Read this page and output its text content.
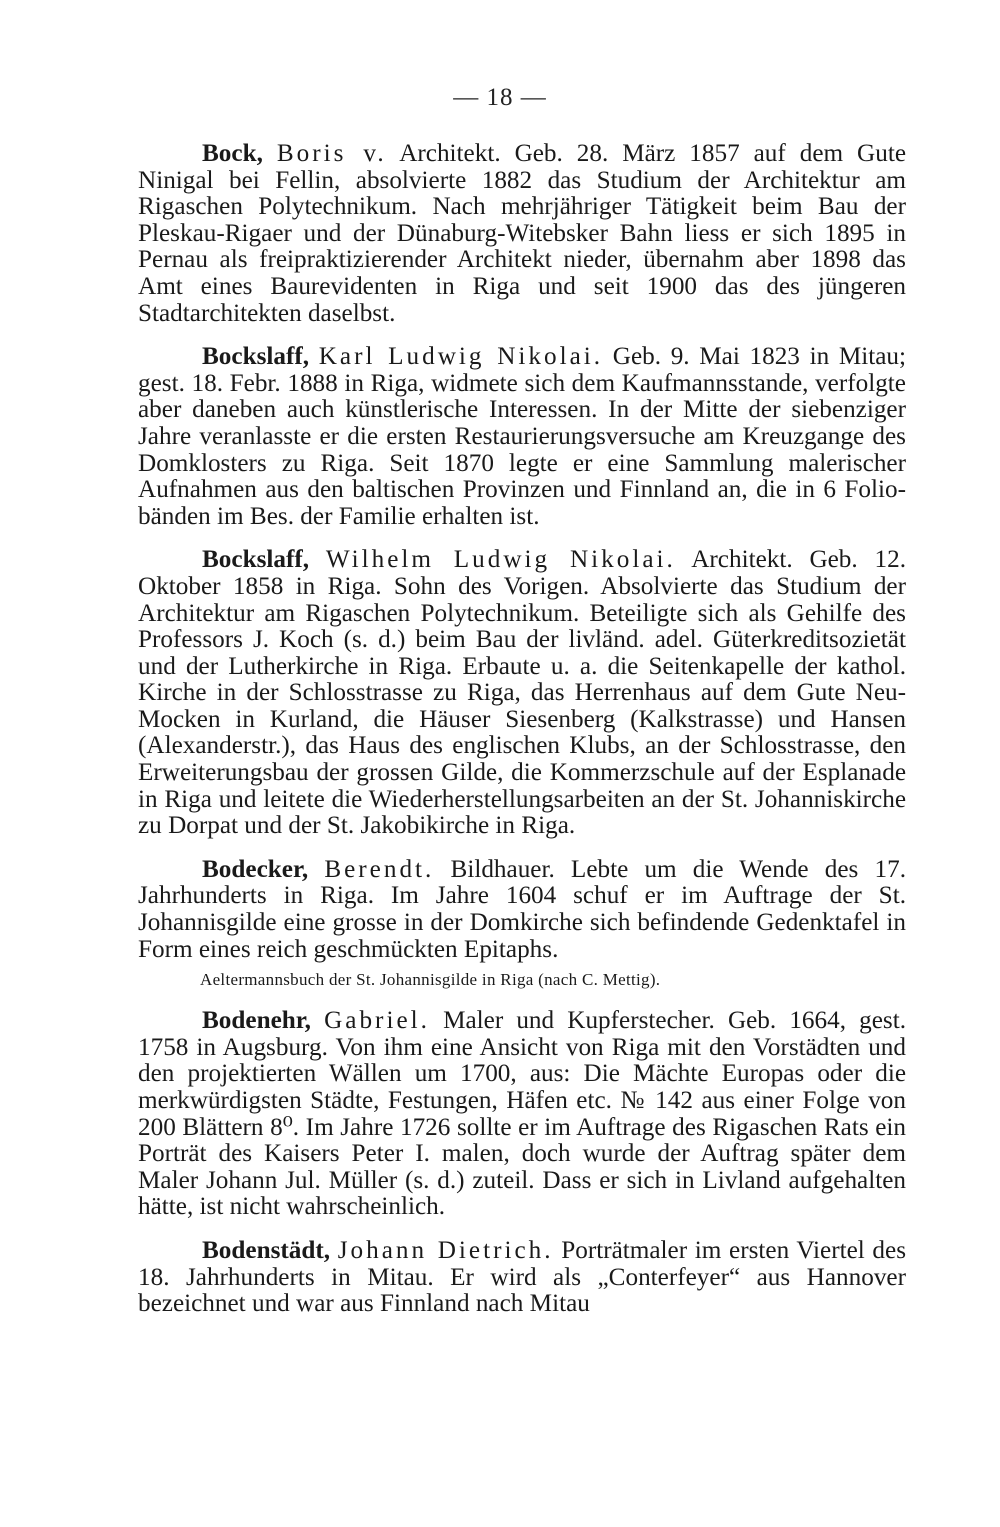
— 18 —

Bock, Boris v. Architekt. Geb. 28. März 1857 auf dem Gute Ninigal bei Fellin, absolvierte 1882 das Studium der Architektur am Rigaschen Polytechnikum. Nach mehrjähriger Tätigkeit beim Bau der Pleskau-Rigaer und der Dünaburg-Witebsker Bahn liess er sich 1895 in Pernau als freipraktizierender Architekt nieder, übernahm aber 1898 das Amt eines Baurevidenten in Riga und seit 1900 das des jüngeren Stadtarchitekten daselbst.

Bockslaff, Karl Ludwig Nikolai. Geb. 9. Mai 1823 in Mitau; gest. 18. Febr. 1888 in Riga, widmete sich dem Kaufmannsstande, verfolgte aber daneben auch künstlerische Interessen. In der Mitte der siebenziger Jahre veranlasste er die ersten Restaurierungsversuche am Kreuzgange des Domklosters zu Riga. Seit 1870 legte er eine Sammlung malerischer Aufnahmen aus den baltischen Provinzen und Finnland an, die in 6 Foliobänden im Bes. der Familie erhalten ist.

Bockslaff, Wilhelm Ludwig Nikolai. Architekt. Geb. 12. Oktober 1858 in Riga. Sohn des Vorigen. Absolvierte das Studium der Architektur am Rigaschen Polytechnikum. Beteiligte sich als Gehilfe des Professors J. Koch (s. d.) beim Bau der livländ. adel. Güterkreditsozietät und der Lutherkirche in Riga. Erbaute u. a. die Seitenkapelle der kathol. Kirche in der Schlosstrasse zu Riga, das Herrenhaus auf dem Gute Neu-Mocken in Kurland, die Häuser Siesenberg (Kalkstrasse) und Hansen (Alexanderstr.), das Haus des englischen Klubs, an der Schlosstrasse, den Erweiterungsbau der grossen Gilde, die Kommerzschule auf der Esplanade in Riga und leitete die Wiederherstellungsarbeiten an der St. Johanniskirche zu Dorpat und der St. Jakobikirche in Riga.

Bodecker, Berendt. Bildhauer. Lebte um die Wende des 17. Jahrhunderts in Riga. Im Jahre 1604 schuf er im Auftrage der St. Johannisgilde eine grosse in der Domkirche sich befindende Gedenktafel in Form eines reich geschmückten Epitaphs.

Aeltermannsbuch der St. Johannisgilde in Riga (nach C. Mettig).

Bodenehr, Gabriel. Maler und Kupferstecher. Geb. 1664, gest. 1758 in Augsburg. Von ihm eine Ansicht von Riga mit den Vorstädten und den projektierten Wällen um 1700, aus: Die Mächte Europas oder die merkwürdigsten Städte, Festungen, Häfen etc. № 142 aus einer Folge von 200 Blättern 8⁰. Im Jahre 1726 sollte er im Auftrage des Rigaschen Rats ein Porträt des Kaisers Peter I. malen, doch wurde der Auftrag später dem Maler Johann Jul. Müller (s. d.) zuteil. Dass er sich in Livland aufgehalten hätte, ist nicht wahrscheinlich.

Bodenstädt, Johann Dietrich. Porträtmaler im ersten Viertel des 18. Jahrhunderts in Mitau. Er wird als „Conterfeyer“ aus Hannover bezeichnet und war aus Finnland nach Mitau
